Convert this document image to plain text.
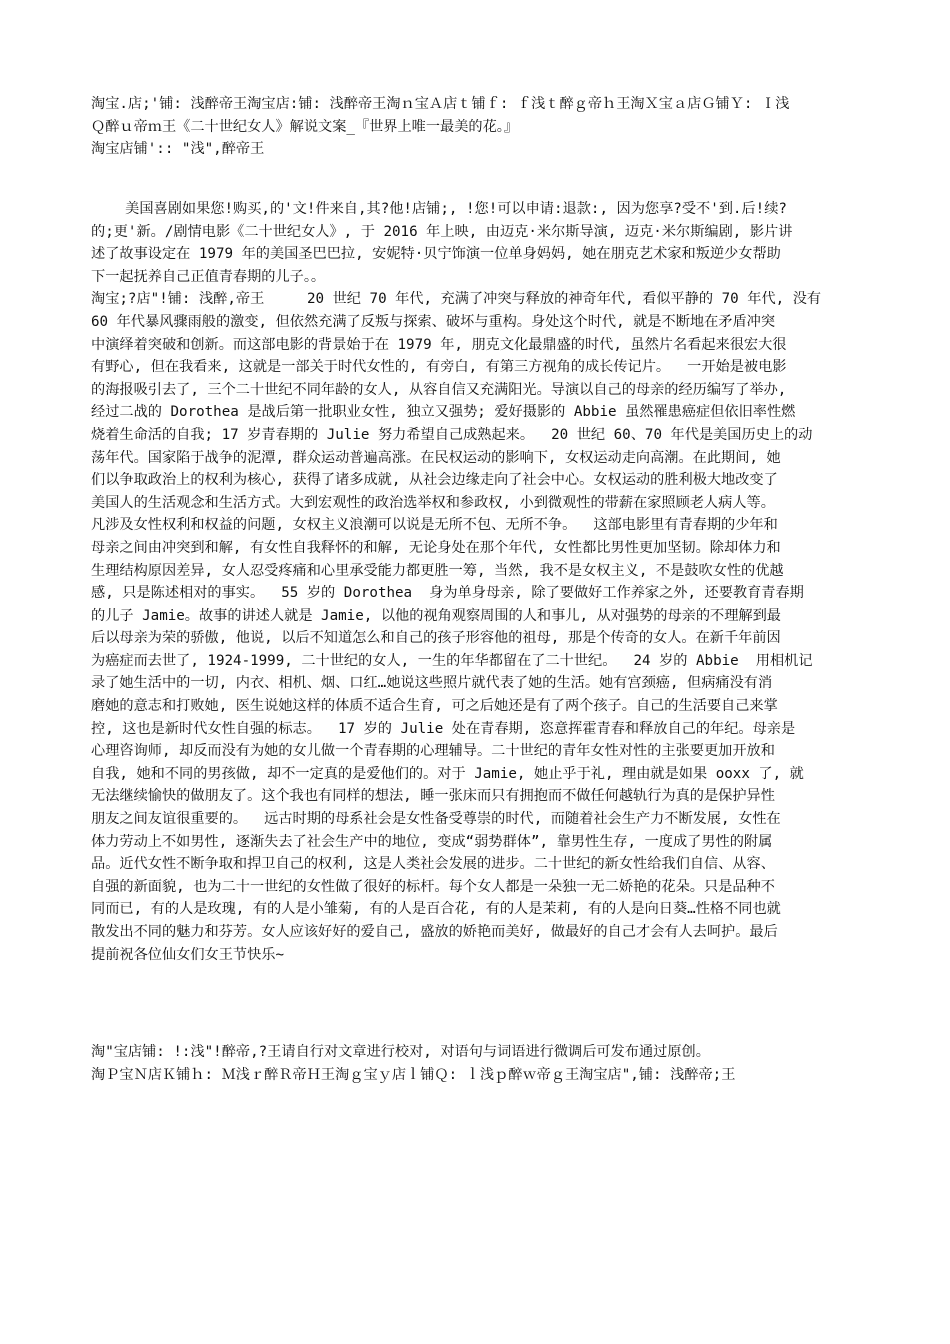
淘宝.店;'铺: 浅醉帝王淘宝店:铺: 浅醉帝王淘ｎ宝Ａ店ｔ铺ｆ: ｆ浅ｔ醉ｇ帝ｈ王淘Ｘ宝ａ店Ｇ铺Ｙ: Ｉ浅
Ｑ醉ｕ帝ｍ王《二十世纪女人》解说文案_『世界上唯一最美的花。』
淘宝店铺':: "浅",醉帝王
美国喜剧如果您!购买,的'文!件来自,其?他!店铺;, !您!可以申请:退款:, 因为您享?受不'到.后!续?
的;更'新。/剧情电影《二十世纪女人》, 于 2016 年上映, 由迈克·米尔斯导演, 迈克·米尔斯编剧, 影片讲
述了故事设定在 1979 年的美国圣巴巴拉, 安妮特·贝宁饰演一位单身妈妈, 她在朋克艺术家和叛逆少女帮助
下一起抚养自己正值青春期的儿子。。
淘宝;?店"!铺: 浅醉,帝王     20 世纪 70 年代, 充满了冲突与释放的神奇年代, 看似平静的 70 年代, 没有
60 年代暴风骤雨般的激变, 但依然充满了反叛与探索、破坏与重构。身处这个时代, 就是不断地在矛盾冲突
中演绎着突破和创新。而这部电影的背景始于在 1979 年, 朋克文化最鼎盛的时代, 虽然片名看起来很宏大很
有野心, 但在我看来, 这就是一部关于时代女性的, 有旁白, 有第三方视角的成长传记片。  一开始是被电影
的海报吸引去了, 三个二十世纪不同年龄的女人, 从容自信又充满阳光。导演以自己的母亲的经历编写了举办,
经过二战的 Dorothea 是战后第一批职业女性, 独立又强势; 爱好摄影的 Abbie 虽然罹患癌症但依旧率性燃
烧着生命活的自我; 17 岁青春期的 Julie 努力希望自己成熟起来。  20 世纪 60、70 年代是美国历史上的动
荡年代。国家陷于战争的泥潭, 群众运动普遍高涨。在民权运动的影响下, 女权运动走向高潮。在此期间, 她
们以争取政治上的权利为核心, 获得了诸多成就, 从社会边缘走向了社会中心。女权运动的胜利极大地改变了
美国人的生活观念和生活方式。大到宏观性的政治选举权和参政权, 小到微观性的带薪在家照顾老人病人等。
凡涉及女性权利和权益的问题, 女权主义浪潮可以说是无所不包、无所不争。  这部电影里有青春期的少年和
母亲之间由冲突到和解, 有女性自我释怀的和解, 无论身处在那个年代, 女性都比男性更加坚韧。除却体力和
生理结构原因差异, 女人忍受疼痛和心里承受能力都更胜一筹, 当然, 我不是女权主义, 不是鼓吹女性的优越
感, 只是陈述相对的事实。  55 岁的 Dorothea  身为单身母亲, 除了要做好工作养家之外, 还要教育青春期
的儿子 Jamie。故事的讲述人就是 Jamie, 以他的视角观察周围的人和事儿, 从对强势的母亲的不理解到最
后以母亲为荣的骄傲, 他说, 以后不知道怎么和自己的孩子形容他的祖母, 那是个传奇的女人。在新千年前因
为癌症而去世了, 1924-1999, 二十世纪的女人, 一生的年华都留在了二十世纪。  24 岁的 Abbie  用相机记
录了她生活中的一切, 内衣、相机、烟、口红…她说这些照片就代表了她的生活。她有宫颈癌, 但病痛没有消
磨她的意志和打败她, 医生说她这样的体质不适合生育, 可之后她还是有了两个孩子。自己的生活要自己来掌
控, 这也是新时代女性自强的标志。  17 岁的 Julie 处在青春期, 恣意挥霍青春和释放自己的年纪。母亲是
心理咨询师, 却反而没有为她的女儿做一个青春期的心理辅导。二十世纪的青年女性对性的主张要更加开放和
自我, 她和不同的男孩做, 却不一定真的是爱他们的。对于 Jamie, 她止乎于礼, 理由就是如果 ooxx 了, 就
无法继续愉快的做朋友了。这个我也有同样的想法, 睡一张床而只有拥抱而不做任何越轨行为真的是保护异性
朋友之间友谊很重要的。  远古时期的母系社会是女性备受尊崇的时代, 而随着社会生产力不断发展, 女性在
体力劳动上不如男性, 逐渐失去了社会生产中的地位, 变成“弱势群体”, 靠男性生存, 一度成了男性的附属
品。近代女性不断争取和捍卫自己的权利, 这是人类社会发展的进步。二十世纪的新女性给我们自信、从容、
自强的新面貌, 也为二十一世纪的女性做了很好的标杆。每个女人都是一朵独一无二娇艳的花朵。只是品种不
同而已, 有的人是玫瑰, 有的人是小雏菊, 有的人是百合花, 有的人是茉莉, 有的人是向日葵…性格不同也就
散发出不同的魅力和芬芳。女人应该好好的爱自己, 盛放的娇艳而美好, 做最好的自己才会有人去呵护。最后
提前祝各位仙女们女王节快乐~
淘"宝店铺: !:浅"!醉帝,?王请自行对文章进行校对, 对语句与词语进行微调后可发布通过原创。
淘Ｐ宝Ｎ店Ｋ铺ｈ: Ｍ浅ｒ醉Ｒ帝Ｈ王淘ｇ宝ｙ店ｌ铺Ｑ: ｌ浅ｐ醉ｗ帝ｇ王淘宝店",铺: 浅醉帝;王
